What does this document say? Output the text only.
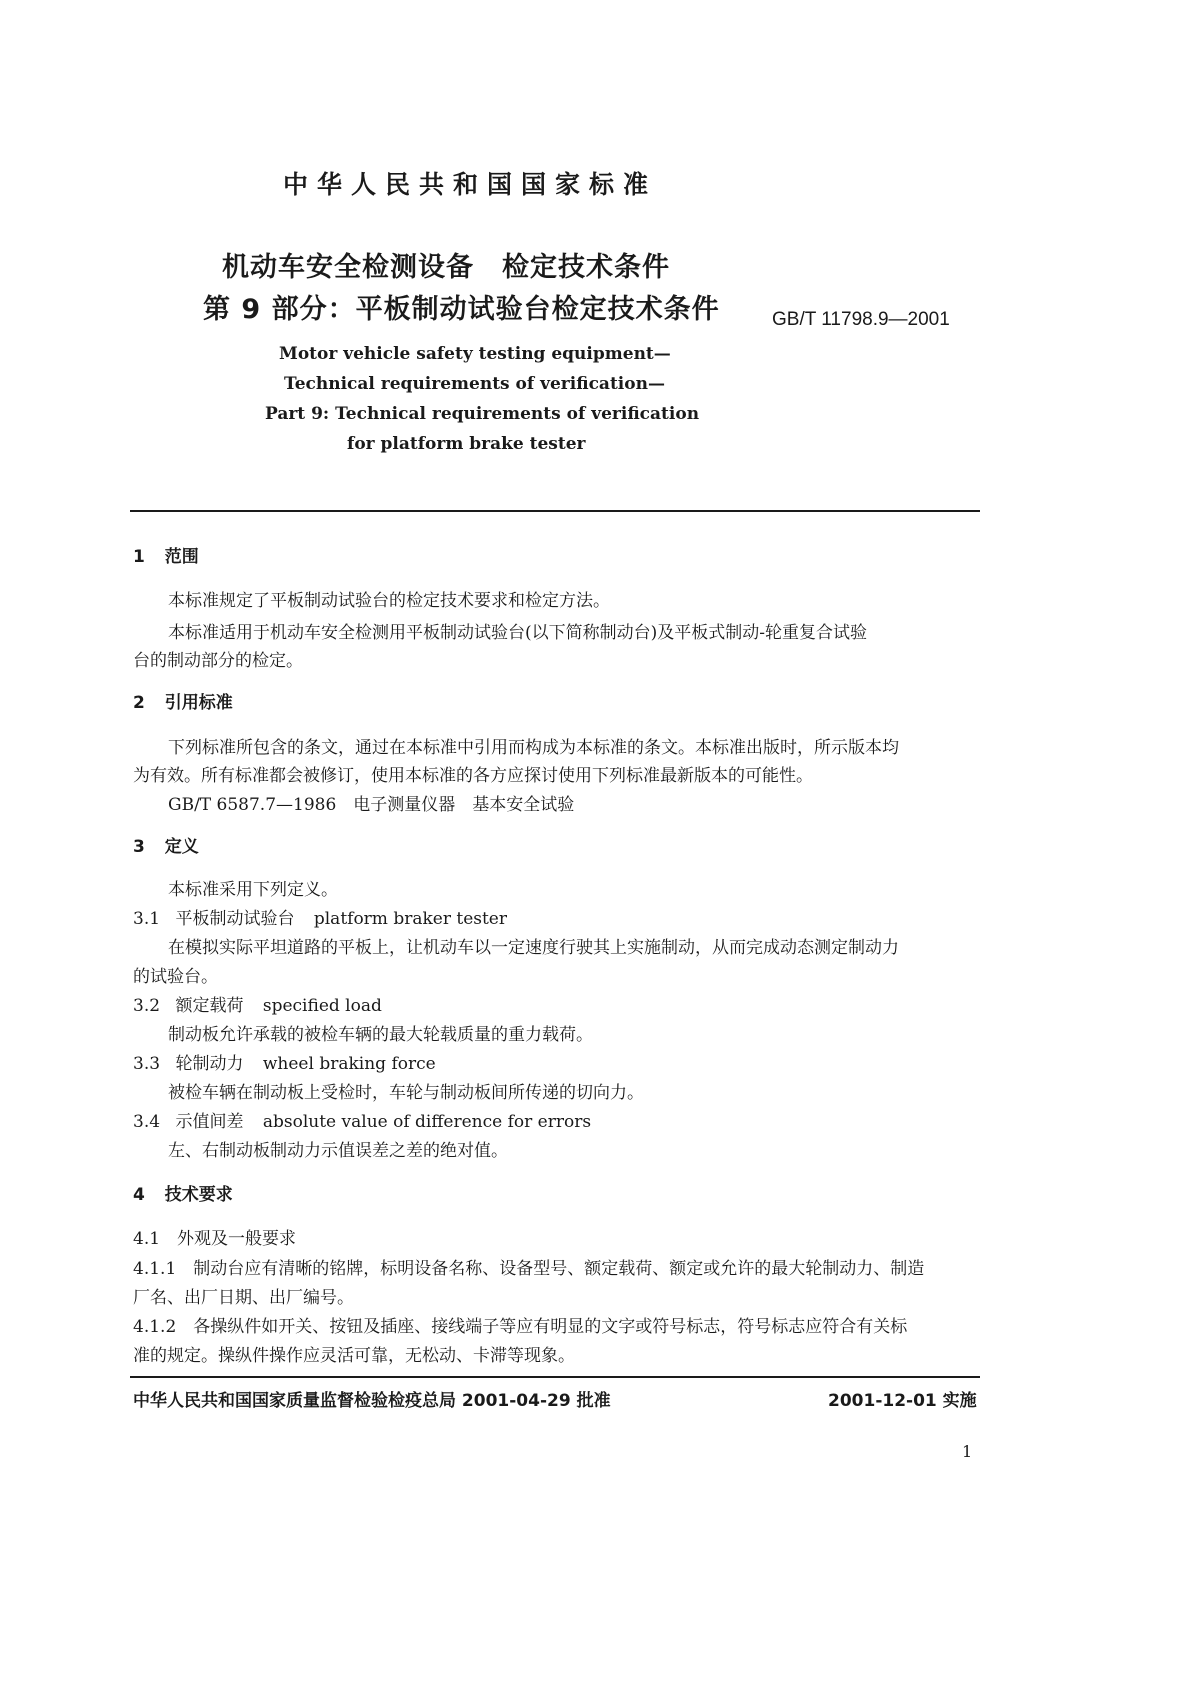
中华人民共和国国家标准
机动车安全检测设备　检定技术条件
第 9 部分：平板制动试验台检定技术条件	GB/T 11798.9—2001
Motor vehicle safety testing equipment—
Technical requirements of verification—
Part 9: Technical requirements of verification
for platform brake tester
1 范围
本标准规定了平板制动试验台的检定技术要求和检定方法。
本标准适用于机动车安全检测用平板制动试验台(以下简称制动台)及平板式制动-轮重复合试验
台的制动部分的检定。
2 引用标准
下列标准所包含的条文，通过在本标准中引用而构成为本标准的条文。本标准出版时，所示版本均
为有效。所有标准都会被修订，使用本标准的各方应探讨使用下列标准最新版本的可能性。
GB/T 6587.7—1986　电子测量仪器　基本安全试验
3 定义
本标准采用下列定义。
3.1 平板制动试验台 platform braker tester
在模拟实际平坦道路的平板上，让机动车以一定速度行驶其上实施制动，从而完成动态测定制动力
的试验台。
3.2 额定载荷 specified load
制动板允许承载的被检车辆的最大轮载质量的重力载荷。
3.3 轮制动力 wheel braking force
被检车辆在制动板上受检时，车轮与制动板间所传递的切向力。
3.4 示值间差 absolute value of difference for errors
左、右制动板制动力示值误差之差的绝对值。
4 技术要求
4.1　外观及一般要求
4.1.1　制动台应有清晰的铭牌，标明设备名称、设备型号、额定载荷、额定或允许的最大轮制动力、制造
厂名、出厂日期、出厂编号。
4.1.2　各操纵件如开关、按钮及插座、接线端子等应有明显的文字或符号标志，符号标志应符合有关标
准的规定。操纵件操作应灵活可靠，无松动、卡滞等现象。
中华人民共和国国家质量监督检验检疫总局 2001-04-29 批准	2001-12-01 实施
1
